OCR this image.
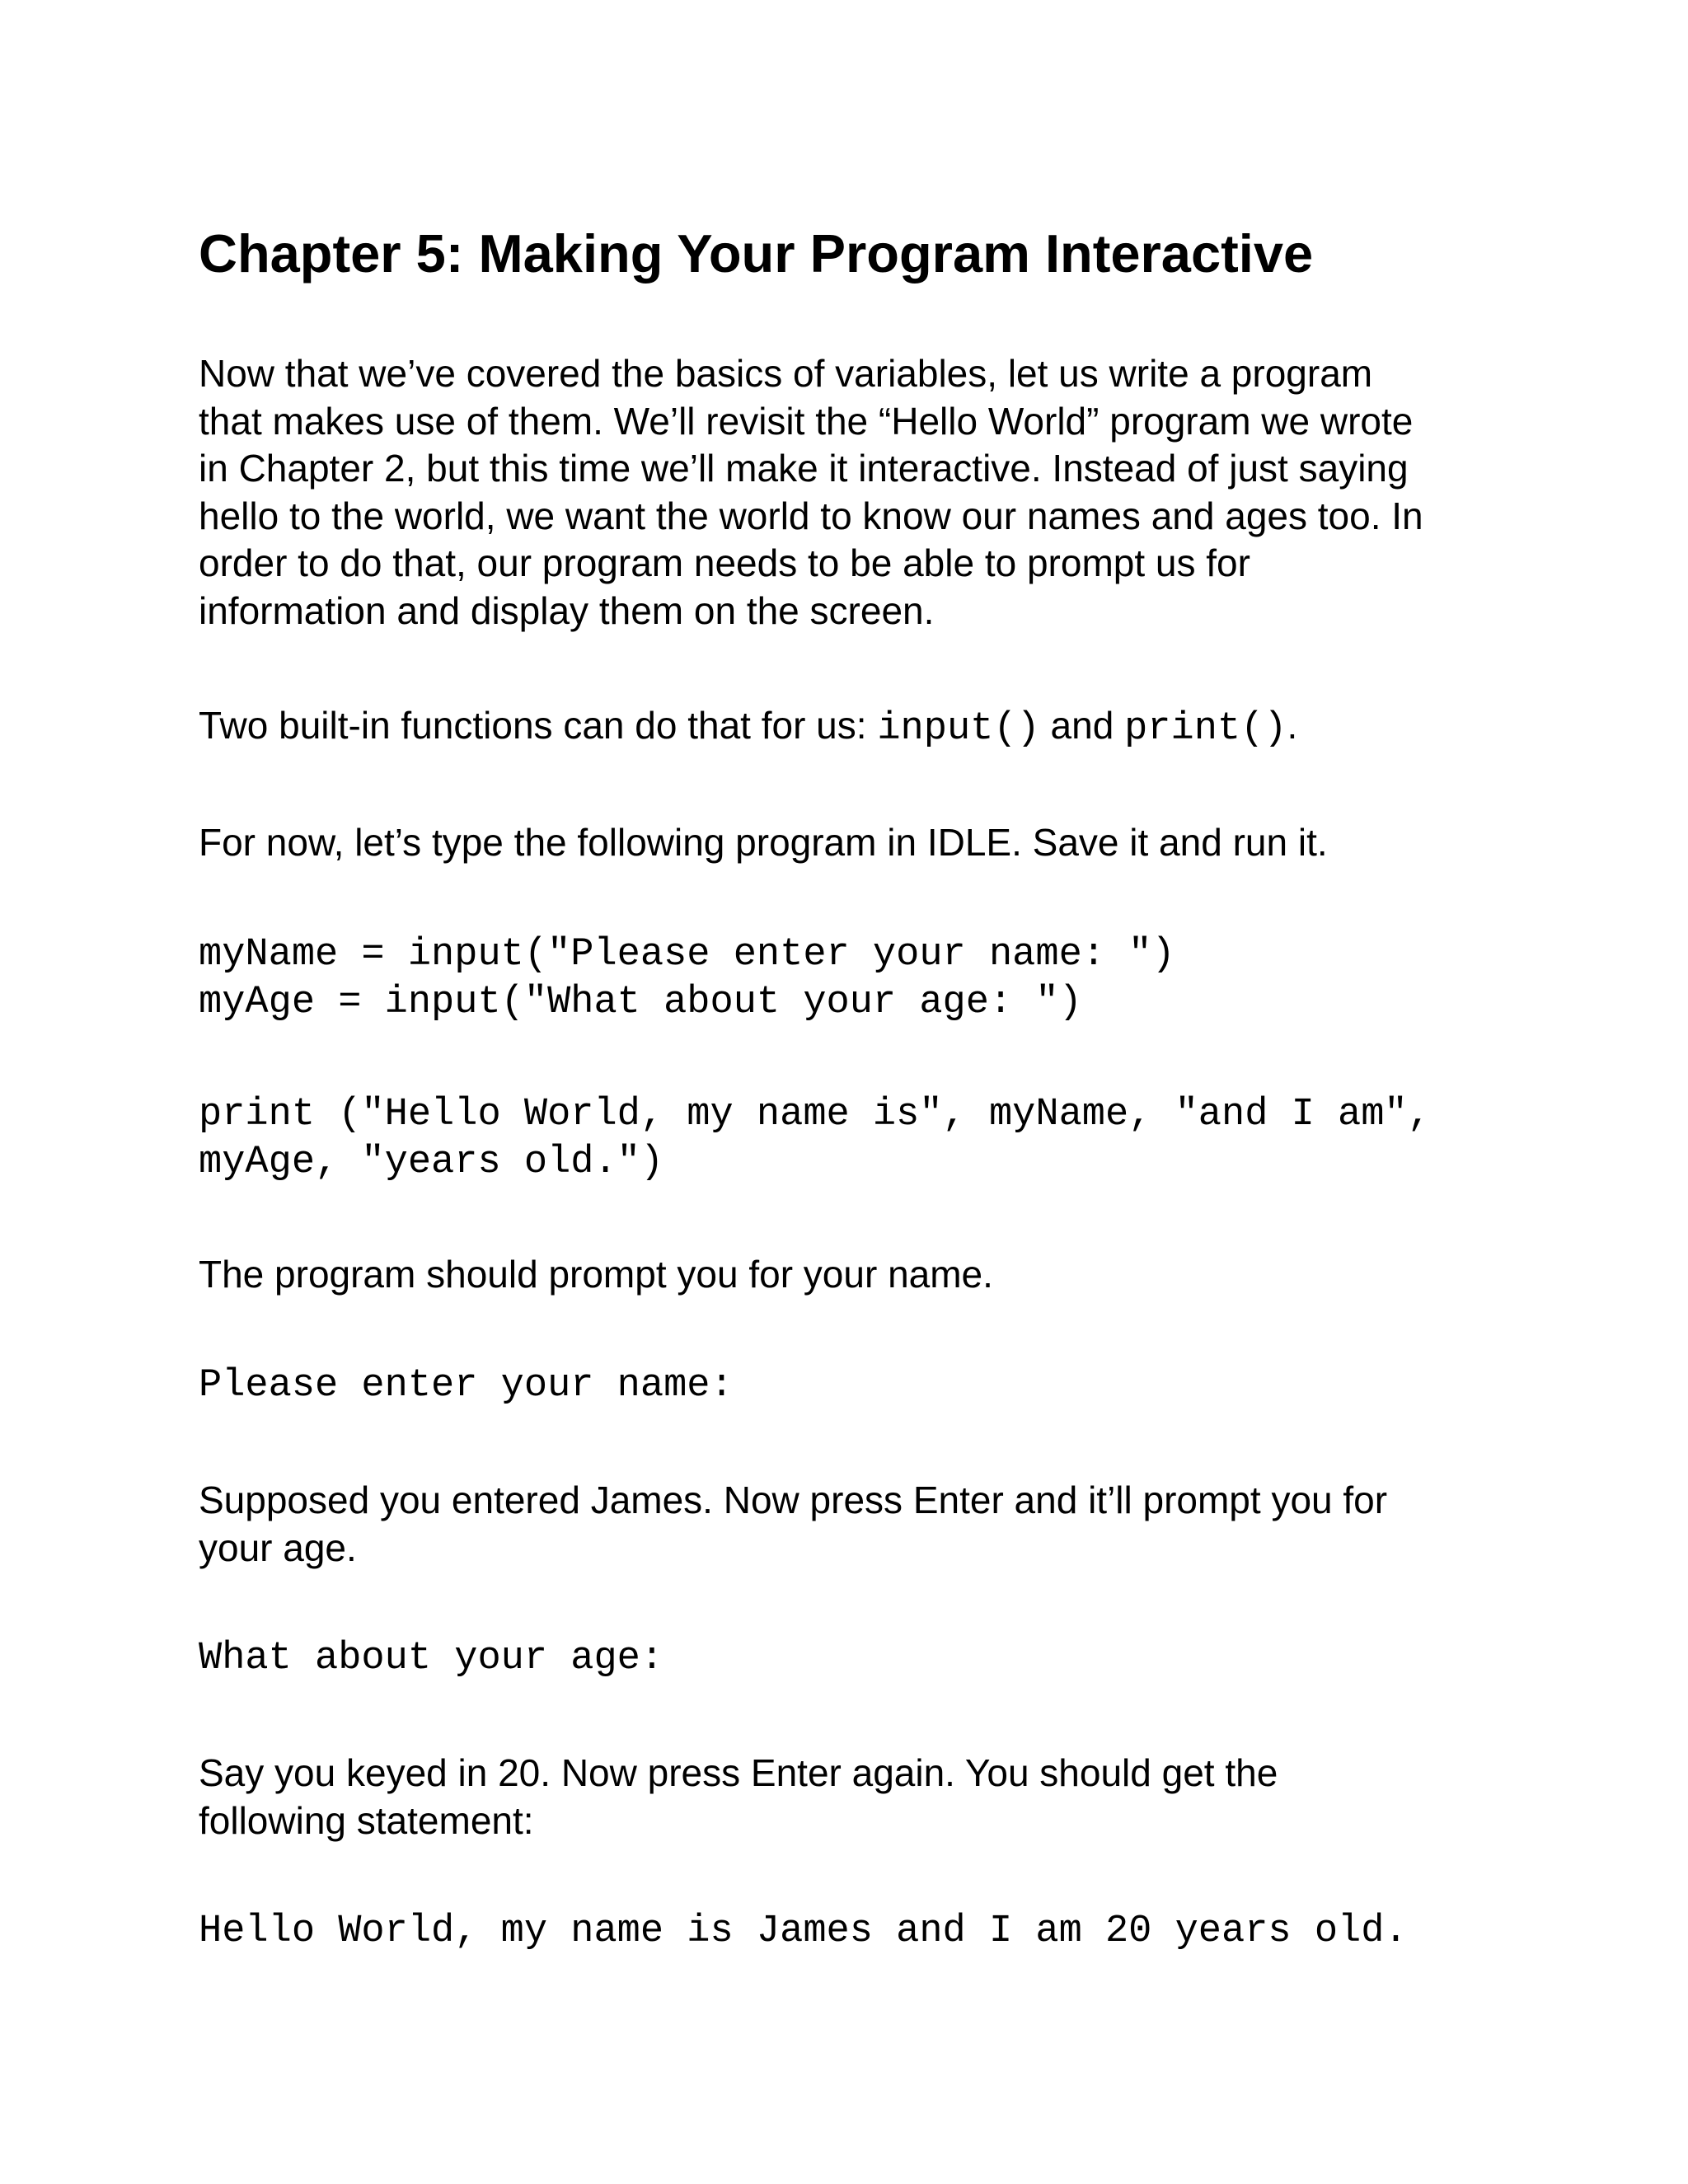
Chapter 5: Making Your Program Interactive

Now that we’ve covered the basics of variables, let us write a program
that makes use of them. We’ll revisit the “Hello World” program we wrote
in Chapter 2, but this time we’ll make it interactive. Instead of just saying
hello to the world, we want the world to know our names and ages too. In
order to do that, our program needs to be able to prompt us for
information and display them on the screen.

Two built-in functions can do that for us: input() and print().

For now, let’s type the following program in IDLE. Save it and run it.

myName = input("Please enter your name: ")
myAge = input("What about your age: ")
print ("Hello World, my name is", myName, "and I am",
myAge, "years old.")

The program should prompt you for your name.

Please enter your name:

Supposed you entered James. Now press Enter and it’ll prompt you for
your age.

What about your age:

Say you keyed in 20. Now press Enter again. You should get the
following statement:

Hello World, my name is James and I am 20 years old.
